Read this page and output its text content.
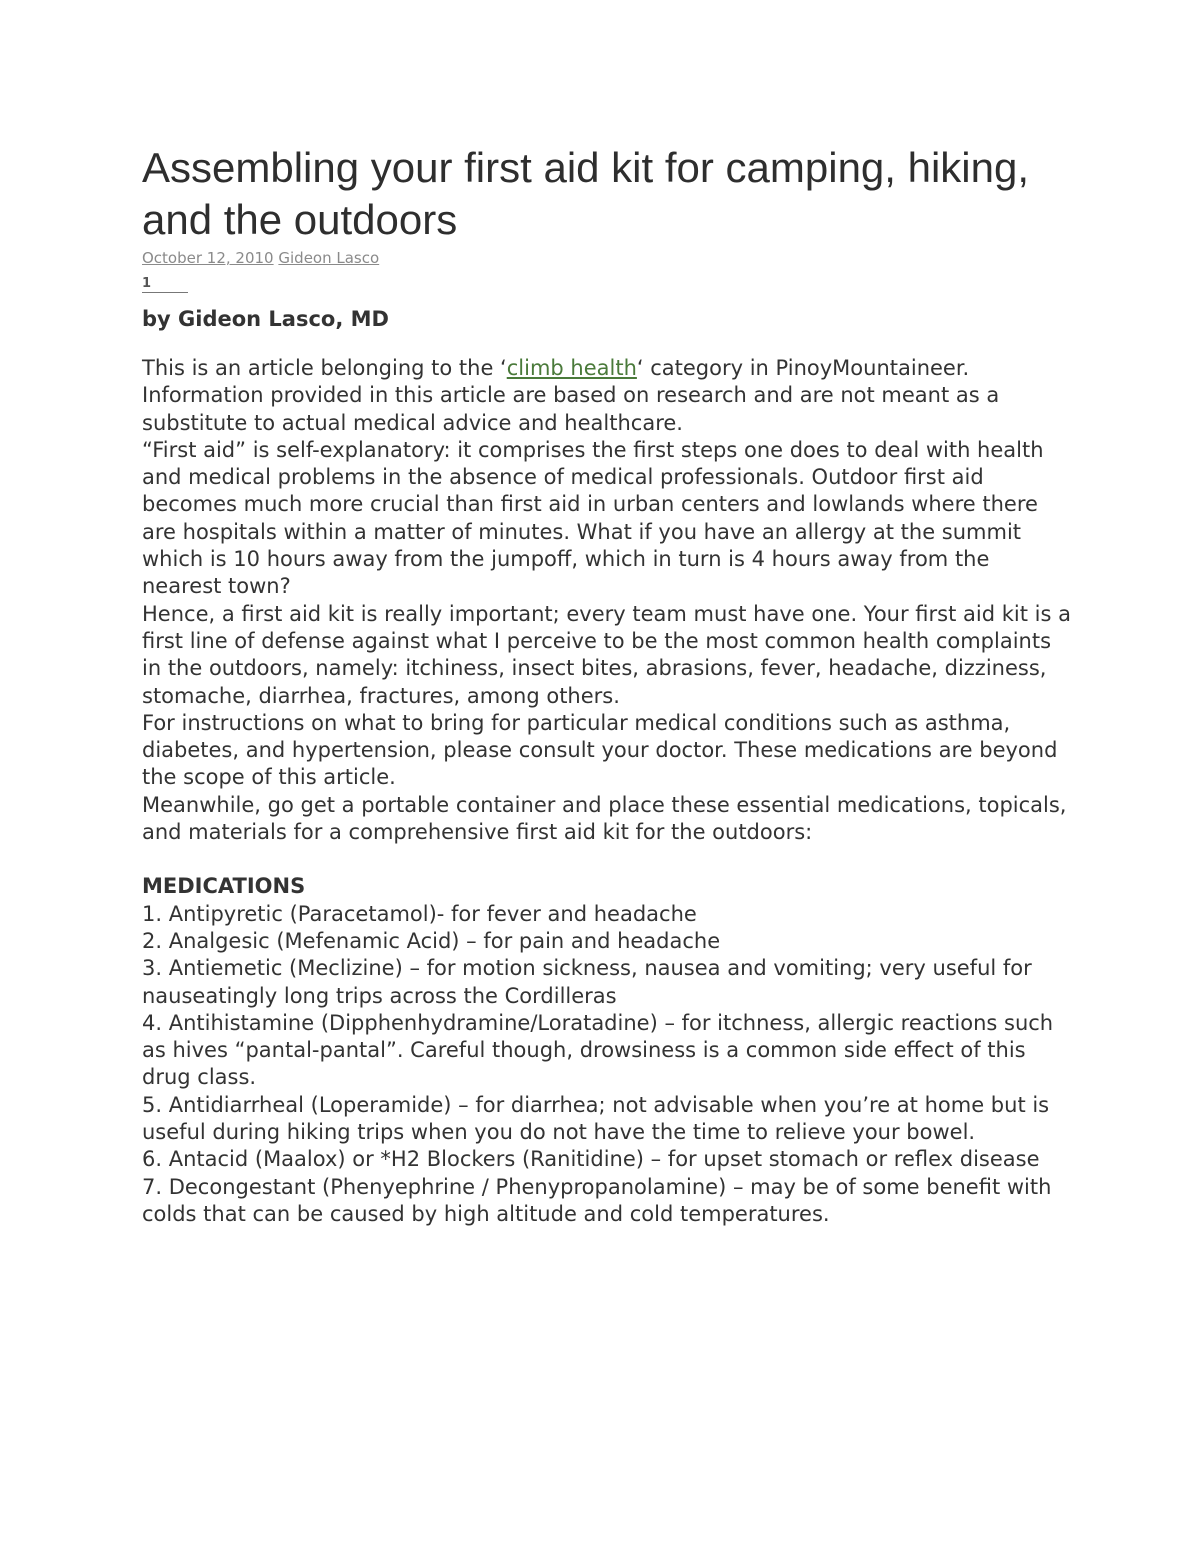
Assembling your first aid kit for camping, hiking, and the outdoors
October 12, 2010 Gideon Lasco
1
by Gideon Lasco, MD

This is an article belonging to the ‘climb health‘ category in PinoyMountaineer. Information provided in this article are based on research and are not meant as a substitute to actual medical advice and healthcare.

“First aid” is self-explanatory: it comprises the first steps one does to deal with health and medical problems in the absence of medical professionals. Outdoor first aid becomes much more crucial than first aid in urban centers and lowlands where there are hospitals within a matter of minutes. What if you have an allergy at the summit which is 10 hours away from the jumpoff, which in turn is 4 hours away from the nearest town?

Hence, a first aid kit is really important; every team must have one. Your first aid kit is a first line of defense against what I perceive to be the most common health complaints in the outdoors, namely: itchiness, insect bites, abrasions, fever, headache, dizziness, stomache, diarrhea, fractures, among others.

For instructions on what to bring for particular medical conditions such as asthma, diabetes, and hypertension, please consult your doctor. These medications are beyond the scope of this article.

Meanwhile, go get a portable container and place these essential medications, topicals, and materials for a comprehensive first aid kit for the outdoors:

MEDICATIONS

1. Antipyretic (Paracetamol)- for fever and headache

2. Analgesic (Mefenamic Acid) – for pain and headache

3. Antiemetic (Meclizine) – for motion sickness, nausea and vomiting; very useful for nauseatingly long trips across the Cordilleras

4. Antihistamine (Dipphenhydramine/Loratadine) – for itchness, allergic reactions such as hives “pantal-pantal”. Careful though, drowsiness is a common side effect of this drug class.

5. Antidiarrheal (Loperamide) – for diarrhea; not advisable when you’re at home but is useful during hiking trips when you do not have the time to relieve your bowel.

6. Antacid (Maalox) or *H2 Blockers (Ranitidine) – for upset stomach or reflex disease

7. Decongestant (Phenyephrine / Phenypropanolamine) – may be of some benefit with colds that can be caused by high altitude and cold temperatures.
